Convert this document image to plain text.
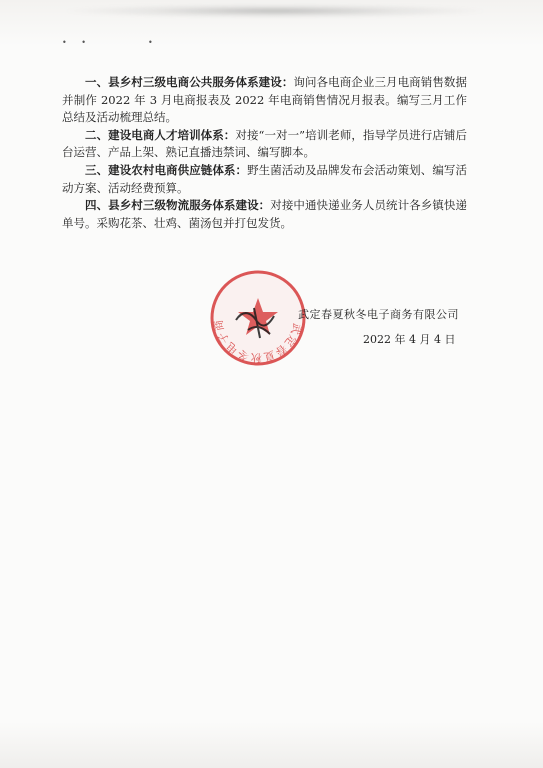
• •	•

一、县乡村三级电商公共服务体系建设：询问各电商企业三月电商销售数据并制作 2022 年 3 月电商报表及 2022 年电商销售情况月报表。编写三月工作总结及活动梳理总结。

二、建设电商人才培训体系：对接“一对一”培训老师，指导学员进行店铺后台运营、产品上架、熟记直播违禁词、编写脚本。

三、建设农村电商供应链体系：野生菌活动及品牌发布会活动策划、编写活动方案、活动经费预算。

四、县乡村三级物流服务体系建设：对接中通快递业务人员统计各乡镇快递单号。采购花茶、壮鸡、菌汤包并打包发货。

武定春夏秋冬电子商
武定春夏秋冬电子商务有限公司
2022 年 4 月 4 日
